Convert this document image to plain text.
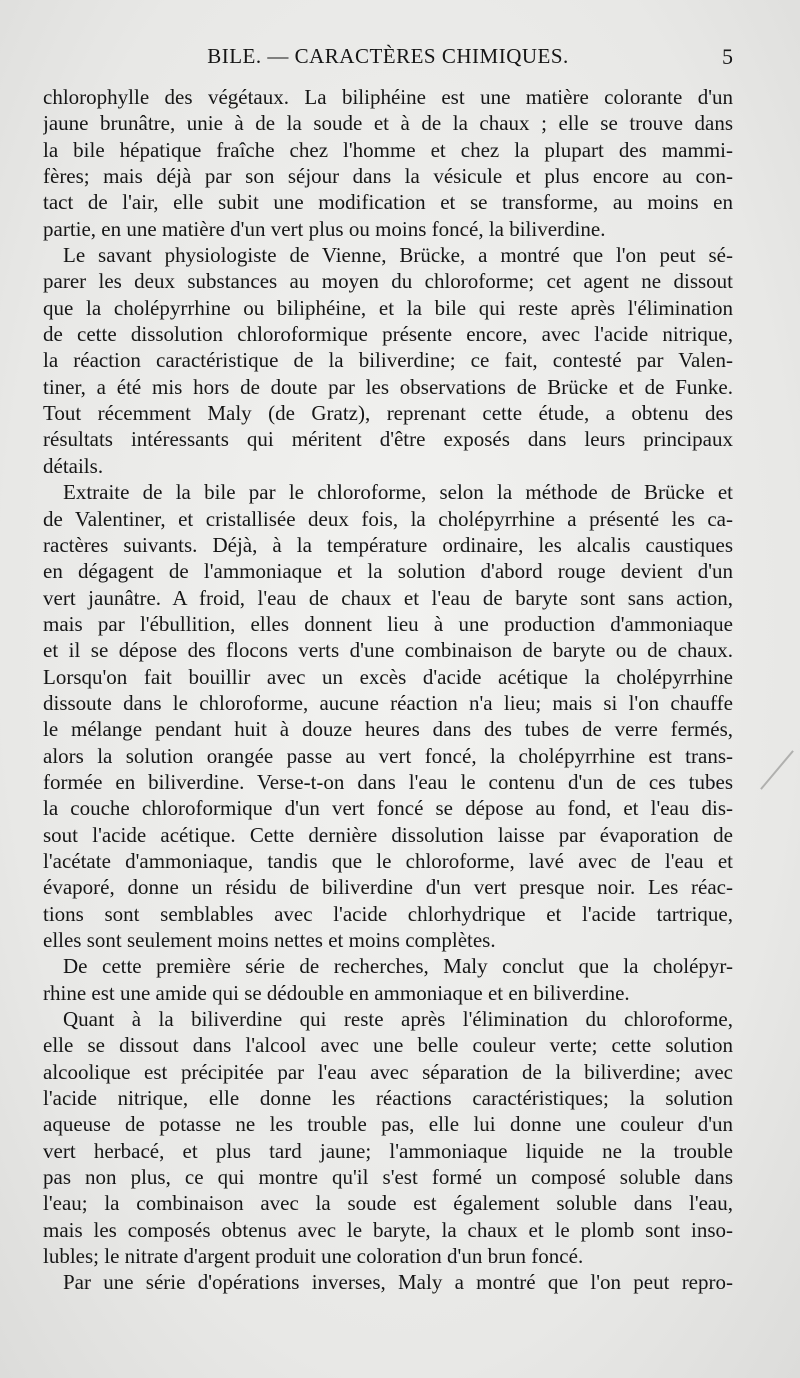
BILE. — CARACTÈRES CHIMIQUES.	5
chlorophylle des végétaux. La biliphéine est une matière colorante d'un
jaune brunâtre, unie à de la soude et à de la chaux ; elle se trouve dans
la bile hépatique fraîche chez l'homme et chez la plupart des mammi-
fères; mais déjà par son séjour dans la vésicule et plus encore au con-
tact de l'air, elle subit une modification et se transforme, au moins en
partie, en une matière d'un vert plus ou moins foncé, la biliverdine.
Le savant physiologiste de Vienne, Brücke, a montré que l'on peut sé-
parer les deux substances au moyen du chloroforme; cet agent ne dissout
que la cholépyrrhine ou biliphéine, et la bile qui reste après l'élimination
de cette dissolution chloroformique présente encore, avec l'acide nitrique,
la réaction caractéristique de la biliverdine; ce fait, contesté par Valen-
tiner, a été mis hors de doute par les observations de Brücke et de Funke.
Tout récemment Maly (de Gratz), reprenant cette étude, a obtenu des
résultats intéressants qui méritent d'être exposés dans leurs principaux
détails.
Extraite de la bile par le chloroforme, selon la méthode de Brücke et
de Valentiner, et cristallisée deux fois, la cholépyrrhine a présenté les ca-
ractères suivants. Déjà, à la température ordinaire, les alcalis caustiques
en dégagent de l'ammoniaque et la solution d'abord rouge devient d'un
vert jaunâtre. A froid, l'eau de chaux et l'eau de baryte sont sans action,
mais par l'ébullition, elles donnent lieu à une production d'ammoniaque
et il se dépose des flocons verts d'une combinaison de baryte ou de chaux.
Lorsqu'on fait bouillir avec un excès d'acide acétique la cholépyrrhine
dissoute dans le chloroforme, aucune réaction n'a lieu; mais si l'on chauffe
le mélange pendant huit à douze heures dans des tubes de verre fermés,
alors la solution orangée passe au vert foncé, la cholépyrrhine est trans-
formée en biliverdine. Verse-t-on dans l'eau le contenu d'un de ces tubes
la couche chloroformique d'un vert foncé se dépose au fond, et l'eau dis-
sout l'acide acétique. Cette dernière dissolution laisse par évaporation de
l'acétate d'ammoniaque, tandis que le chloroforme, lavé avec de l'eau et
évaporé, donne un résidu de biliverdine d'un vert presque noir. Les réac-
tions sont semblables avec l'acide chlorhydrique et l'acide tartrique,
elles sont seulement moins nettes et moins complètes.
De cette première série de recherches, Maly conclut que la cholépyr-
rhine est une amide qui se dédouble en ammoniaque et en biliverdine.
Quant à la biliverdine qui reste après l'élimination du chloroforme,
elle se dissout dans l'alcool avec une belle couleur verte; cette solution
alcoolique est précipitée par l'eau avec séparation de la biliverdine; avec
l'acide nitrique, elle donne les réactions caractéristiques; la solution
aqueuse de potasse ne les trouble pas, elle lui donne une couleur d'un
vert herbacé, et plus tard jaune; l'ammoniaque liquide ne la trouble
pas non plus, ce qui montre qu'il s'est formé un composé soluble dans
l'eau; la combinaison avec la soude est également soluble dans l'eau,
mais les composés obtenus avec le baryte, la chaux et le plomb sont inso-
lubles; le nitrate d'argent produit une coloration d'un brun foncé.
Par une série d'opérations inverses, Maly a montré que l'on peut repro-
